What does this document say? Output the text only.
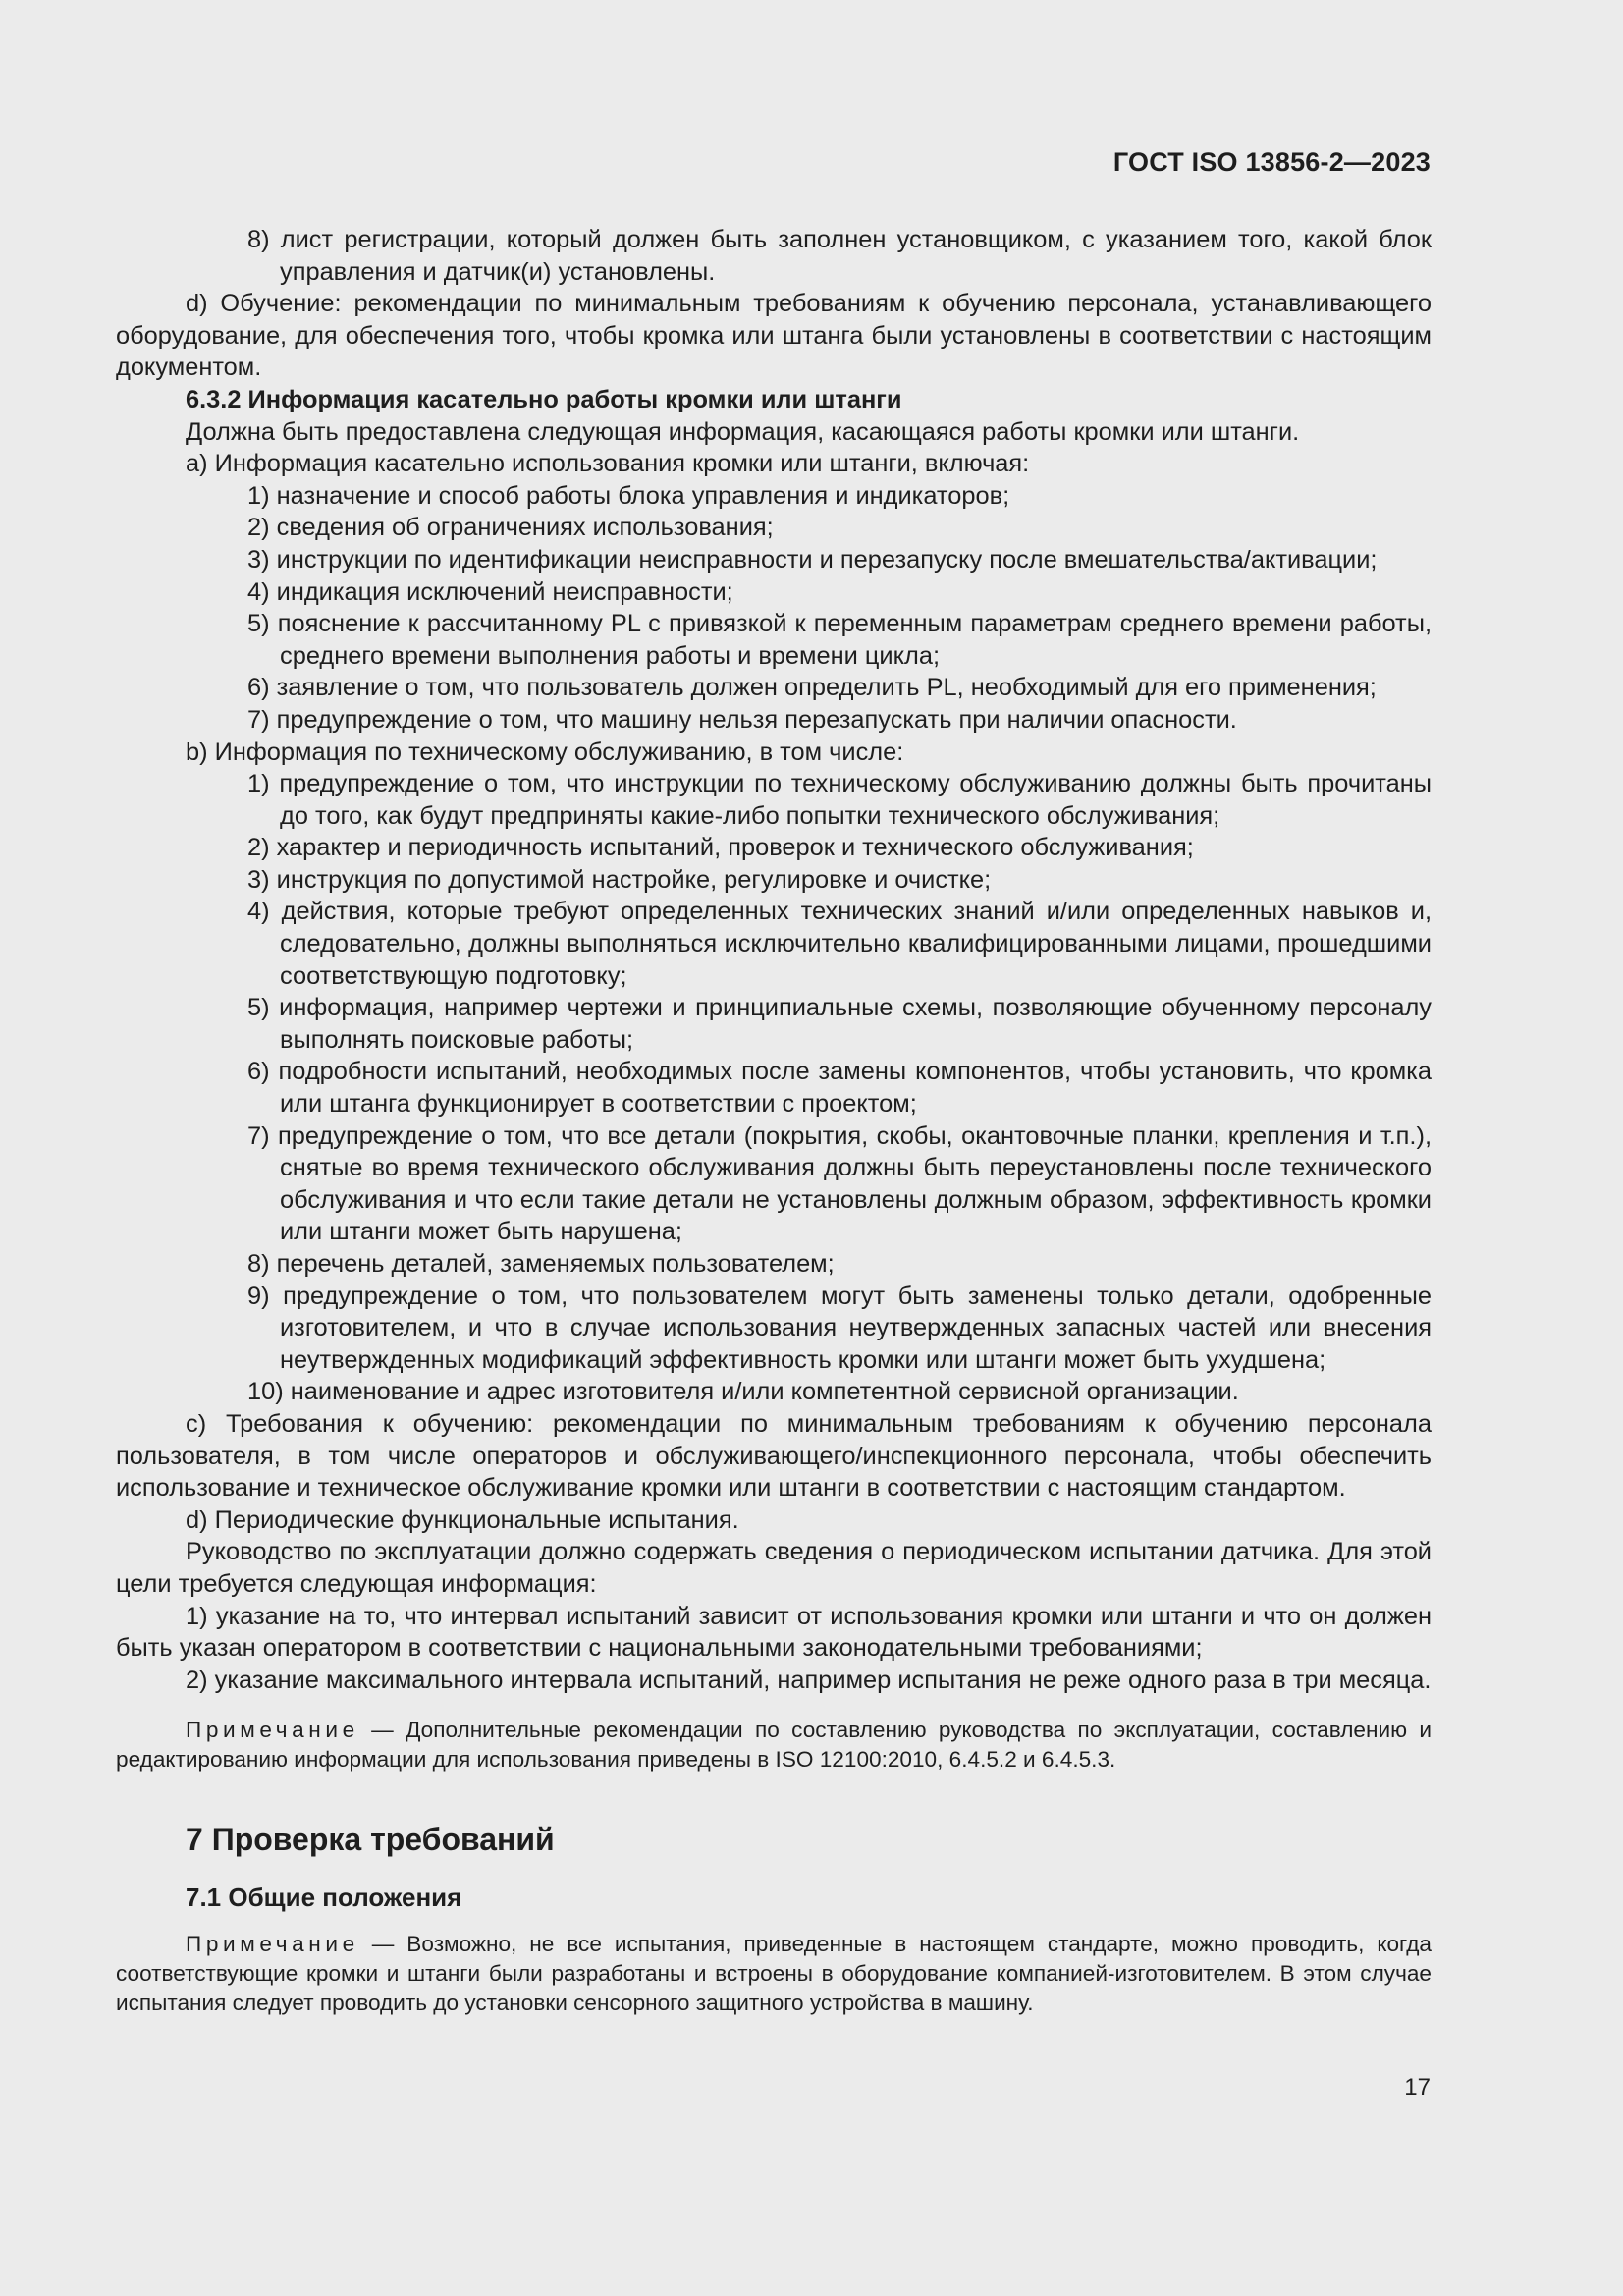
ГОСТ ISO 13856-2—2023

8) лист регистрации, который должен быть заполнен установщиком, с указанием того, какой блок управления и датчик(и) установлены.

d) Обучение: рекомендации по минимальным требованиям к обучению персонала, устанавливающего оборудование, для обеспечения того, чтобы кромка или штанга были установлены в соответствии с настоящим документом.

6.3.2 Информация касательно работы кромки или штанги

Должна быть предоставлена следующая информация, касающаяся работы кромки или штанги.

а) Информация касательно использования кромки или штанги, включая:

1) назначение и способ работы блока управления и индикаторов;

2) сведения об ограничениях использования;

3) инструкции по идентификации неисправности и перезапуску после вмешательства/активации;

4) индикация исключений неисправности;

5) пояснение к рассчитанному PL с привязкой к переменным параметрам среднего времени работы, среднего времени выполнения работы и времени цикла;

6) заявление о том, что пользователь должен определить PL, необходимый для его применения;

7) предупреждение о том, что машину нельзя перезапускать при наличии опасности.

b) Информация по техническому обслуживанию, в том числе:

1) предупреждение о том, что инструкции по техническому обслуживанию должны быть прочитаны до того, как будут предприняты какие-либо попытки технического обслуживания;

2) характер и периодичность испытаний, проверок и технического обслуживания;

3) инструкция по допустимой настройке, регулировке и очистке;

4) действия, которые требуют определенных технических знаний и/или определенных навыков и, следовательно, должны выполняться исключительно квалифицированными лицами, прошедшими соответствующую подготовку;

5) информация, например чертежи и принципиальные схемы, позволяющие обученному персоналу выполнять поисковые работы;

6) подробности испытаний, необходимых после замены компонентов, чтобы установить, что кромка или штанга функционирует в соответствии с проектом;

7) предупреждение о том, что все детали (покрытия, скобы, окантовочные планки, крепления и т.п.), снятые во время технического обслуживания должны быть переустановлены после технического обслуживания и что если такие детали не установлены должным образом, эффективность кромки или штанги может быть нарушена;

8) перечень деталей, заменяемых пользователем;

9) предупреждение о том, что пользователем могут быть заменены только детали, одобренные изготовителем, и что в случае использования неутвержденных запасных частей или внесения неутвержденных модификаций эффективность кромки или штанги может быть ухудшена;

10) наименование и адрес изготовителя и/или компетентной сервисной организации.

c) Требования к обучению: рекомендации по минимальным требованиям к обучению персонала пользователя, в том числе операторов и обслуживающего/инспекционного персонала, чтобы обеспечить использование и техническое обслуживание кромки или штанги в соответствии с настоящим стандартом.

d) Периодические функциональные испытания.

Руководство по эксплуатации должно содержать сведения о периодическом испытании датчика. Для этой цели требуется следующая информация:

1) указание на то, что интервал испытаний зависит от использования кромки или штанги и что он должен быть указан оператором в соответствии с национальными законодательными требованиями;

2) указание максимального интервала испытаний, например испытания не реже одного раза в три месяца.

Примечание — Дополнительные рекомендации по составлению руководства по эксплуатации, составлению и редактированию информации для использования приведены в ISO 12100:2010, 6.4.5.2 и 6.4.5.3.

7 Проверка требований

7.1 Общие положения

Примечание — Возможно, не все испытания, приведенные в настоящем стандарте, можно проводить, когда соответствующие кромки и штанги были разработаны и встроены в оборудование компанией-изготовителем. В этом случае испытания следует проводить до установки сенсорного защитного устройства в машину.

17
